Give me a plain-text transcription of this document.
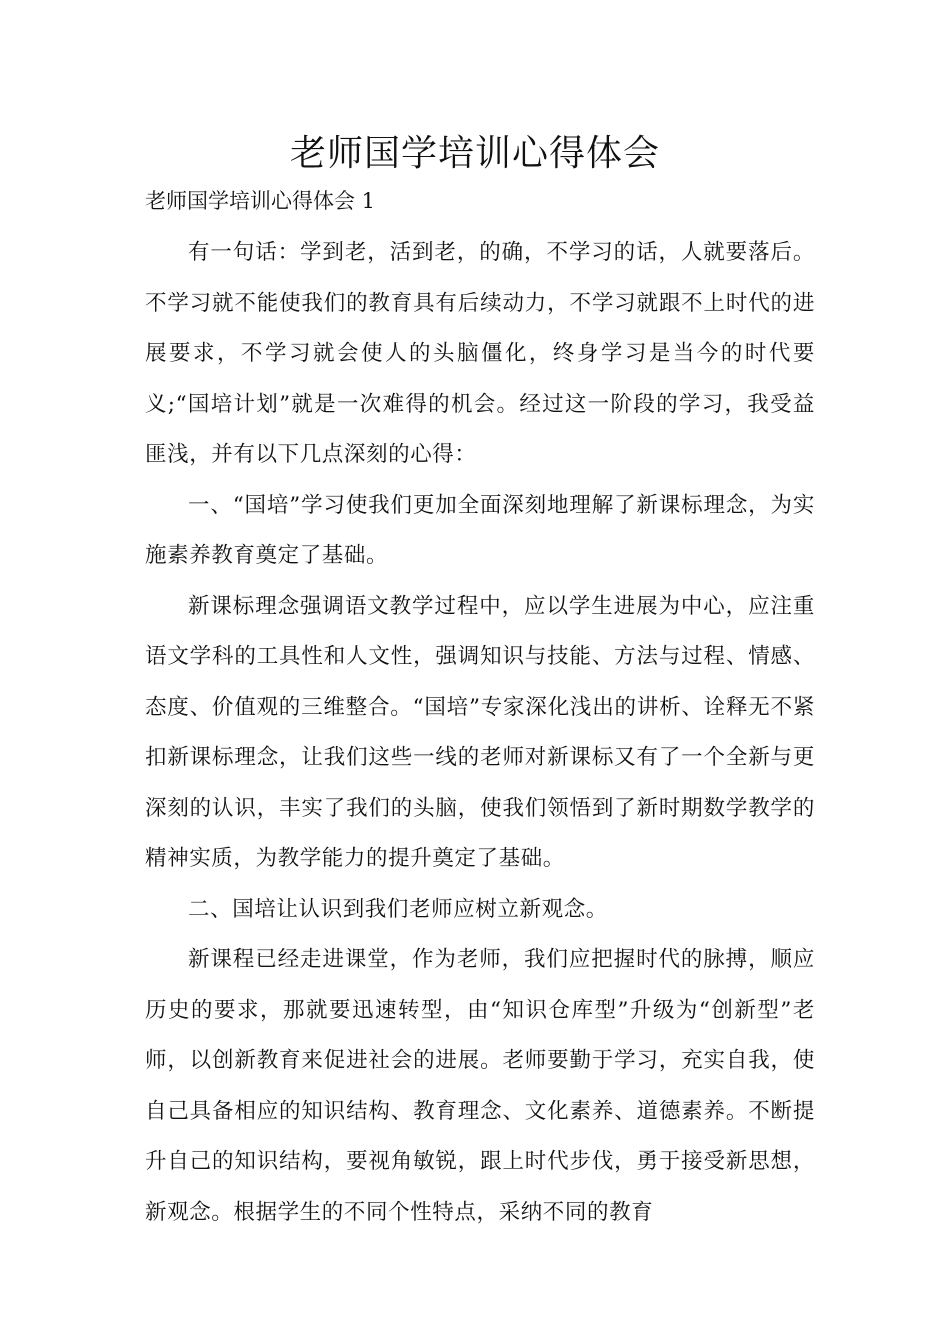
老师国学培训心得体会

老师国学培训心得体会 1

有一句话：学到老，活到老，的确，不学习的话，人就要落后。不学习就不能使我们的教育具有后续动力，不学习就跟不上时代的进展要求，不学习就会使人的头脑僵化，终身学习是当今的时代要义;“国培计划”就是一次难得的机会。经过这一阶段的学习，我受益匪浅，并有以下几点深刻的心得：

一、“国培”学习使我们更加全面深刻地理解了新课标理念，为实施素养教育奠定了基础。

新课标理念强调语文教学过程中，应以学生进展为中心，应注重语文学科的工具性和人文性，强调知识与技能、方法与过程、情感、态度、价值观的三维整合。“国培”专家深化浅出的讲析、诠释无不紧扣新课标理念，让我们这些一线的老师对新课标又有了一个全新与更深刻的认识，丰实了我们的头脑，使我们领悟到了新时期数学教学的精神实质，为教学能力的提升奠定了基础。

二、国培让认识到我们老师应树立新观念。

新课程已经走进课堂，作为老师，我们应把握时代的脉搏，顺应历史的要求，那就要迅速转型，由“知识仓库型”升级为“创新型”老师，以创新教育来促进社会的进展。老师要勤于学习，充实自我，使自己具备相应的知识结构、教育理念、文化素养、道德素养。不断提升自己的知识结构，要视角敏锐，跟上时代步伐，勇于接受新思想，新观念。根据学生的不同个性特点，采纳不同的教育
